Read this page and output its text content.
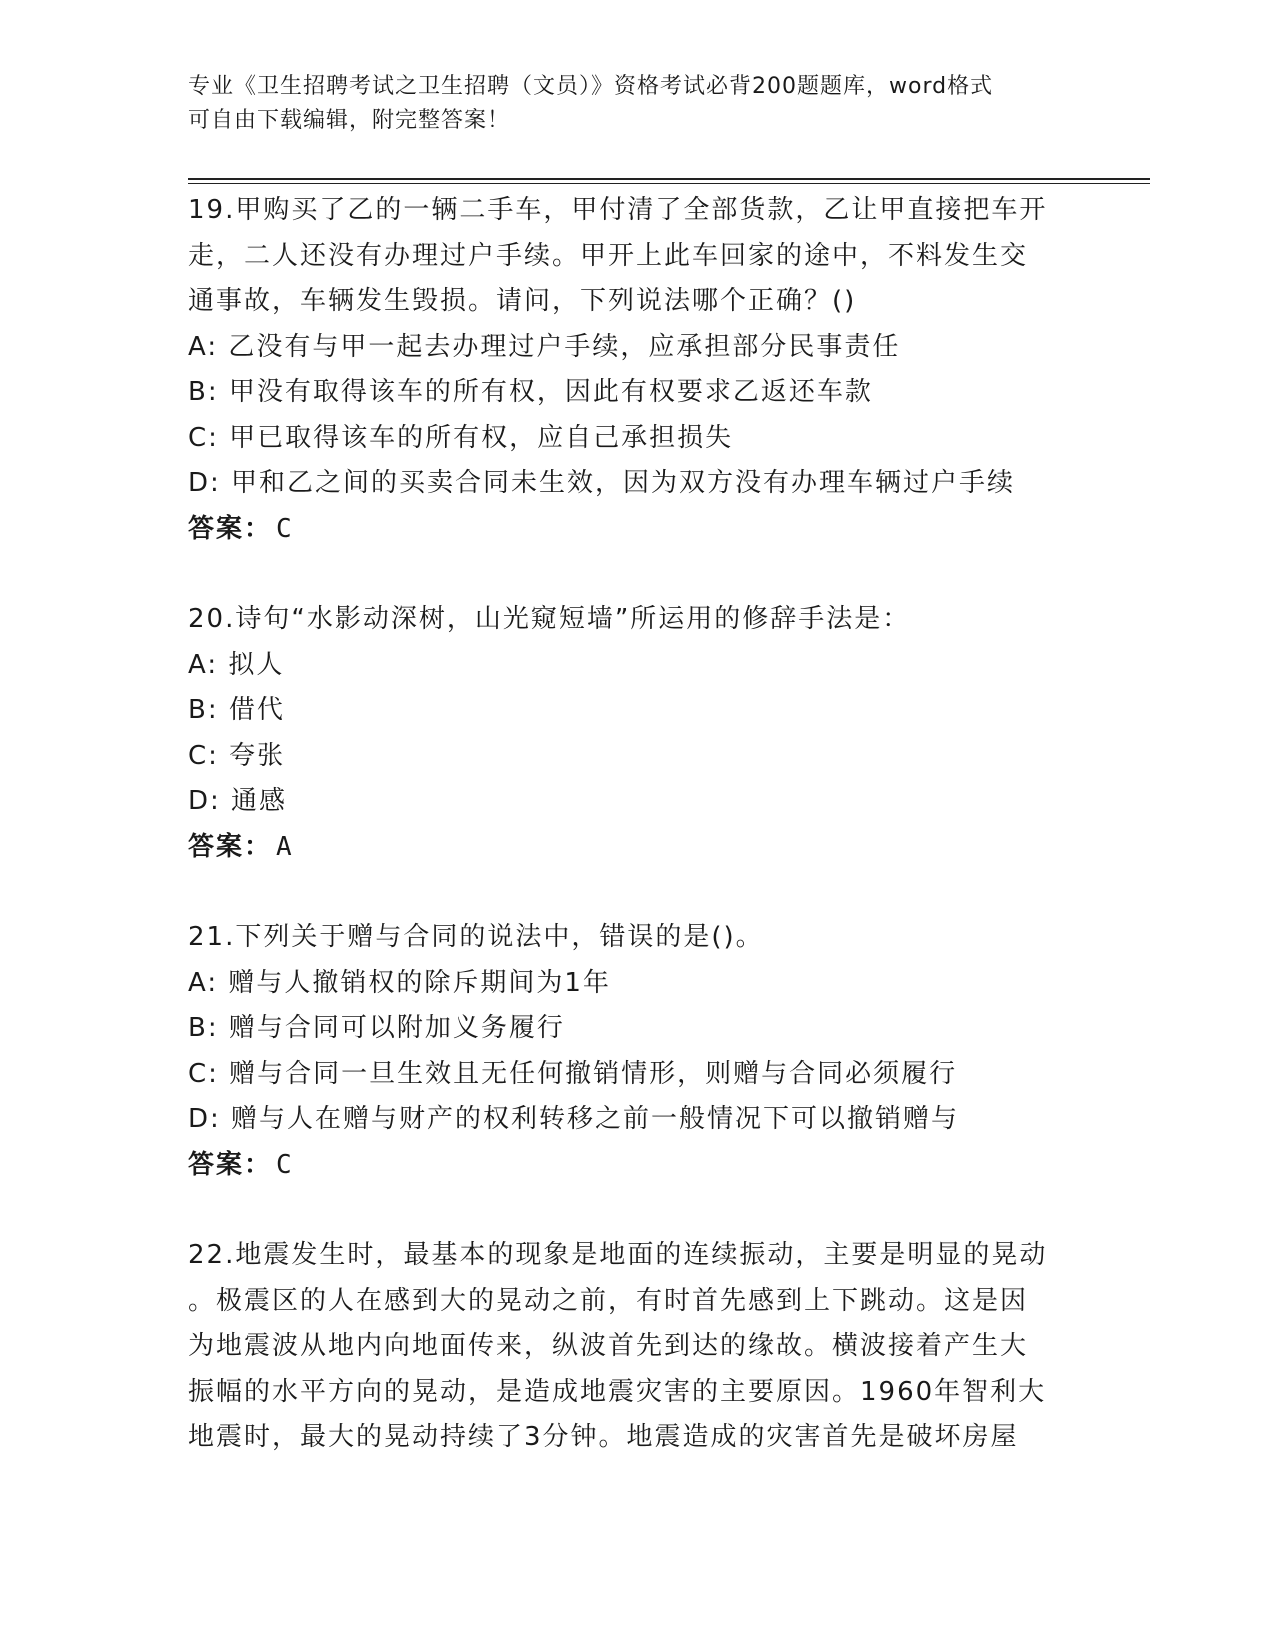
专业《卫生招聘考试之卫生招聘（文员）》资格考试必背200题题库，word格式
可自由下载编辑，附完整答案！
19.甲购买了乙的一辆二手车，甲付清了全部货款，乙让甲直接把车开
走，二人还没有办理过户手续。甲开上此车回家的途中，不料发生交
通事故，车辆发生毁损。请问，下列说法哪个正确？()
A: 乙没有与甲一起去办理过户手续，应承担部分民事责任
B: 甲没有取得该车的所有权，因此有权要求乙返还车款
C: 甲已取得该车的所有权，应自己承担损失
D: 甲和乙之间的买卖合同未生效，因为双方没有办理车辆过户手续
答案： C
20.诗句“水影动深树，山光窥短墙”所运用的修辞手法是：
A: 拟人
B: 借代
C: 夸张
D: 通感
答案： A
21.下列关于赠与合同的说法中，错误的是()。
A: 赠与人撤销权的除斥期间为1年
B: 赠与合同可以附加义务履行
C: 赠与合同一旦生效且无任何撤销情形，则赠与合同必须履行
D: 赠与人在赠与财产的权利转移之前一般情况下可以撤销赠与
答案： C
22.地震发生时，最基本的现象是地面的连续振动，主要是明显的晃动
。极震区的人在感到大的晃动之前，有时首先感到上下跳动。这是因
为地震波从地内向地面传来，纵波首先到达的缘故。横波接着产生大
振幅的水平方向的晃动，是造成地震灾害的主要原因。1960年智利大
地震时，最大的晃动持续了3分钟。地震造成的灾害首先是破坏房屋
